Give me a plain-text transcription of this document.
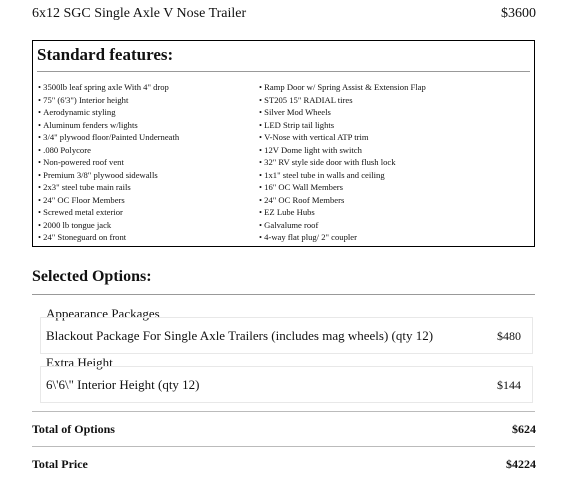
6x12 SGC Single Axle V Nose Trailer	$3600
Standard features:
• 3500lb leaf spring axle With 4" drop
• 75" (6'3") Interior height
• Aerodynamic styling
• Aluminum fenders w/lights
• 3/4" plywood floor/Painted Underneath
• .080 Polycore
• Non-powered roof vent
• Premium 3/8" plywood sidewalls
• 2x3" steel tube main rails
• 24" OC Floor Members
• Screwed metal exterior
• 2000 lb tongue jack
• 24" Stoneguard on front
• Ramp Door w/ Spring Assist & Extension Flap
• ST205 15" RADIAL tires
• Silver Mod Wheels
• LED Strip tail lights
• V-Nose with vertical ATP trim
• 12V Dome light with switch
• 32" RV style side door with flush lock
• 1x1" steel tube in walls and ceiling
• 16" OC Wall Members
• 24" OC Roof Members
• EZ Lube Hubs
• Galvalume roof
• 4-way flat plug/ 2" coupler
Selected Options:
Appearance Packages
Blackout Package For Single Axle Trailers (includes mag wheels) (qty 12)	$480
Extra Height
6\'6\" Interior Height (qty 12)	$144
Total of Options	$624
Total Price	$4224
